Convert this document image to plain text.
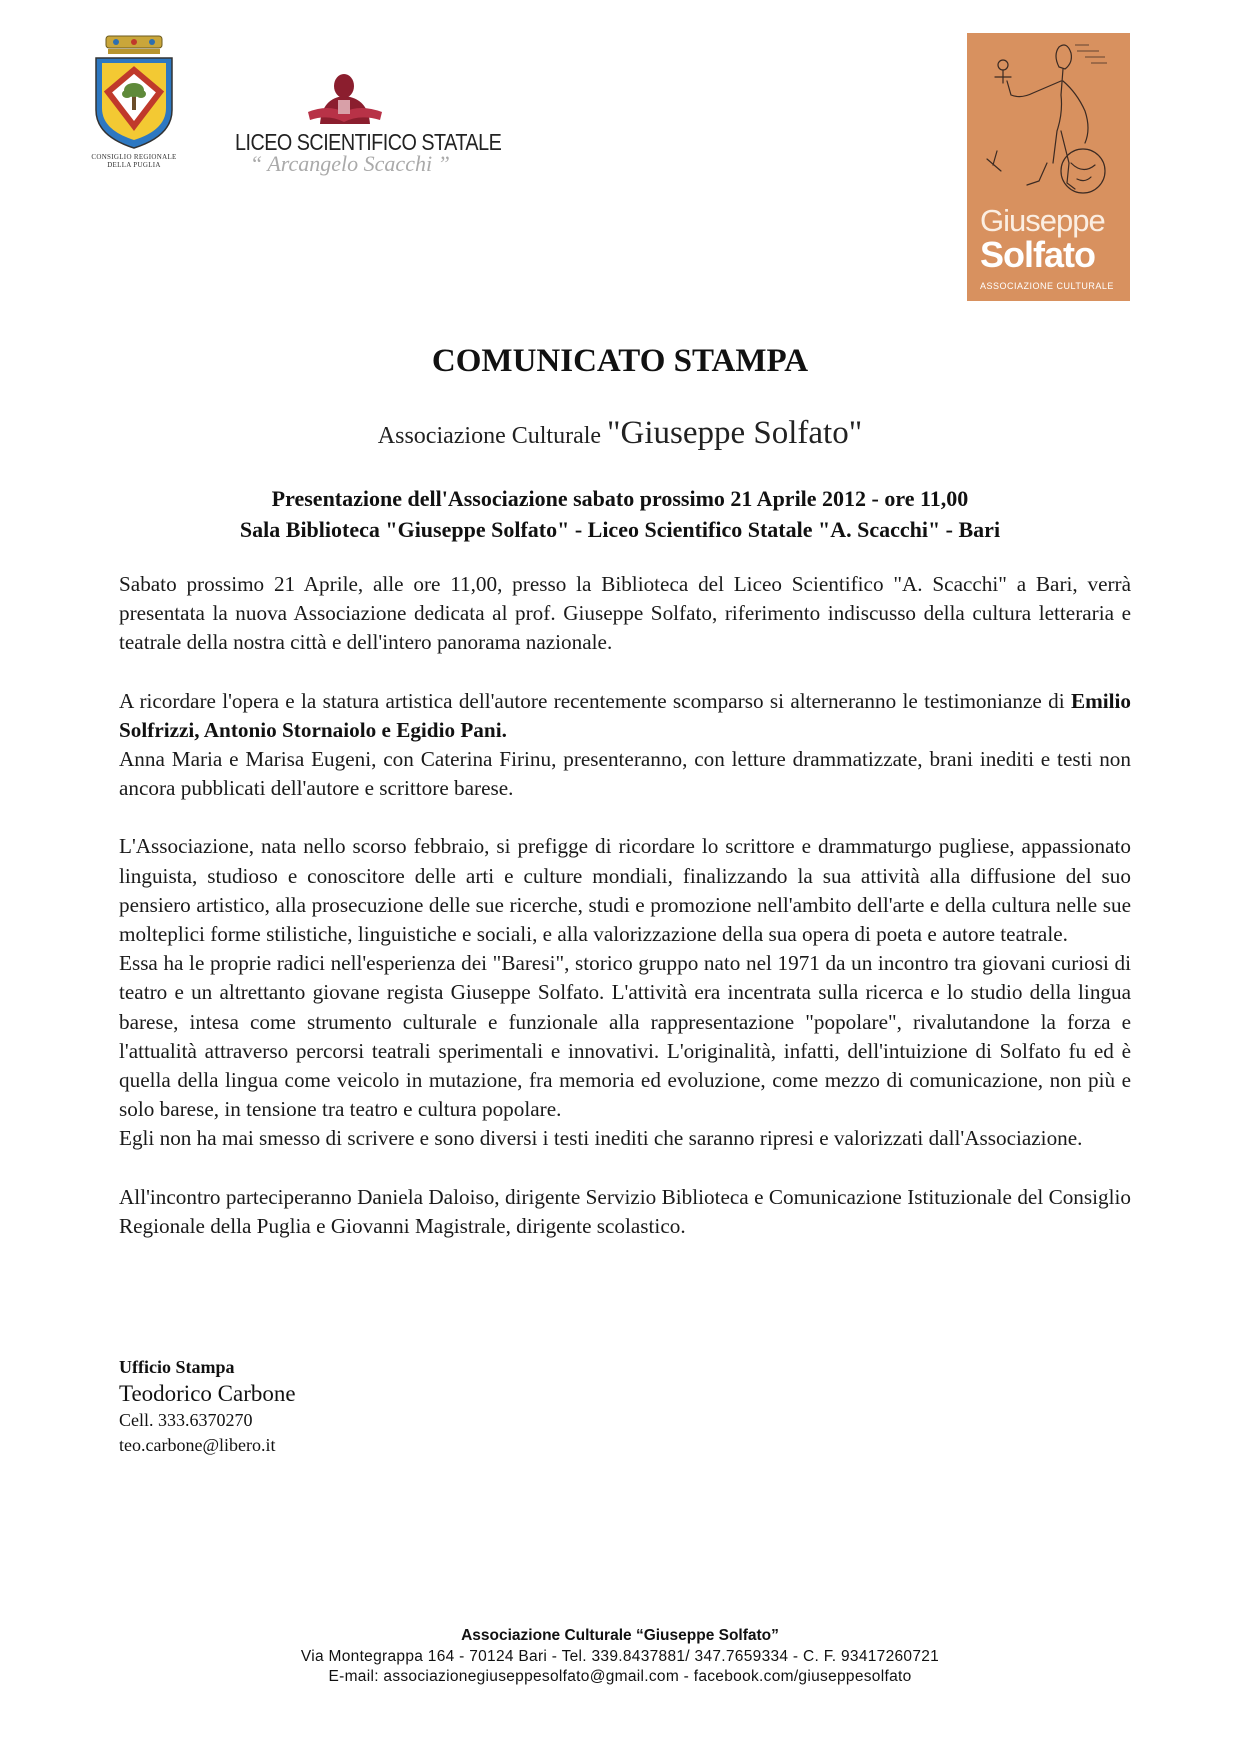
CONSIGLIO REGIONALE
DELLA PUGLIA
LICEO SCIENTIFICO STATALE
“ Arcangelo Scacchi ”
Giuseppe
Solfato
ASSOCIAZIONE CULTURALE
COMUNICATO STAMPA
Associazione Culturale "Giuseppe Solfato"
Presentazione dell'Associazione sabato prossimo 21 Aprile 2012 - ore 11,00
Sala Biblioteca "Giuseppe Solfato" - Liceo Scientifico Statale "A. Scacchi" - Bari

Sabato prossimo 21 Aprile, alle ore 11,00, presso la Biblioteca del Liceo Scientifico "A. Scacchi" a Bari, verrà presentata la nuova Associazione dedicata al prof. Giuseppe Solfato, riferimento indiscusso della cultura letteraria e teatrale della nostra città e dell'intero panorama nazionale.

A ricordare l'opera e la statura artistica dell'autore recentemente scomparso si alterneranno le testimonianze di Emilio Solfrizzi, Antonio Stornaiolo e Egidio Pani.

Anna Maria e Marisa Eugeni, con Caterina Firinu, presenteranno, con letture drammatizzate, brani inediti e testi non ancora pubblicati dell'autore e scrittore barese.

L'Associazione, nata nello scorso febbraio, si prefigge di ricordare lo scrittore e drammaturgo pugliese, appassionato linguista, studioso e conoscitore delle arti e culture mondiali, finalizzando la sua attività alla diffusione del suo pensiero artistico, alla prosecuzione delle sue ricerche, studi e promozione nell'ambito dell'arte e della cultura nelle sue molteplici forme stilistiche, linguistiche e sociali, e alla valorizzazione della sua opera di poeta e autore teatrale.

Essa ha le proprie radici nell'esperienza dei "Baresi", storico gruppo nato nel 1971 da un incontro tra giovani curiosi di teatro e un altrettanto giovane regista Giuseppe Solfato. L'attività era incentrata sulla ricerca e lo studio della lingua barese, intesa come strumento culturale e funzionale alla rappresentazione "popolare", rivalutandone la forza e l'attualità attraverso percorsi teatrali sperimentali e innovativi. L'originalità, infatti, dell'intuizione di Solfato fu ed è quella della lingua come veicolo in mutazione, fra memoria ed evoluzione, come mezzo di comunicazione, non più e solo barese, in tensione tra teatro e cultura popolare.

Egli non ha mai smesso di scrivere e sono diversi i testi inediti che saranno ripresi e valorizzati dall'Associazione.

All'incontro parteciperanno Daniela Daloiso, dirigente Servizio Biblioteca e Comunicazione Istituzionale del Consiglio Regionale della Puglia e Giovanni Magistrale, dirigente scolastico.

Ufficio Stampa
Teodorico Carbone
Cell. 333.6370270
teo.carbone@libero.it
Associazione Culturale “Giuseppe Solfato”
Via Montegrappa 164 - 70124 Bari - Tel. 339.8437881/ 347.7659334 - C. F. 93417260721
E-mail: associazionegiuseppesolfato@gmail.com - facebook.com/giuseppesolfato
